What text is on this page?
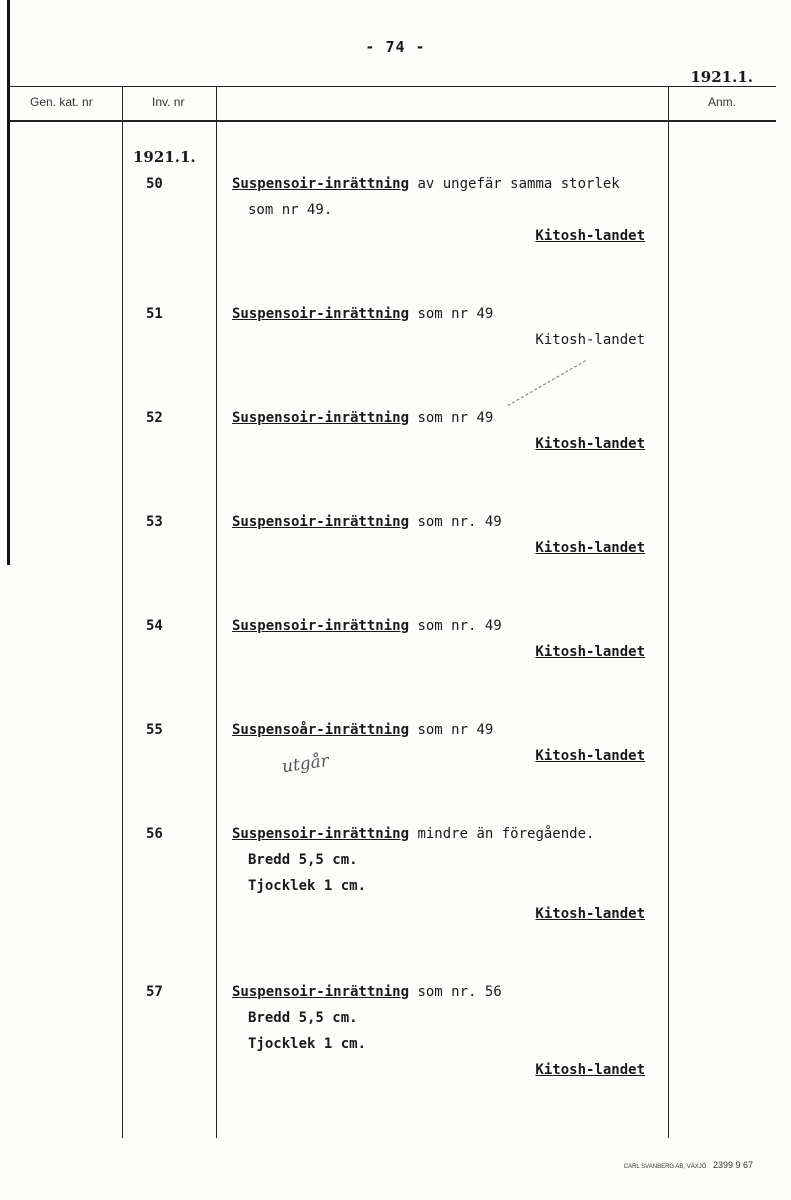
- 74 -
1921.1.
Gen. kat. nr	Inv. nr	Anm.
1921.1.
50	Suspensoir-inrättning av ungefär samma storlek
som nr 49.
Kitosh-landet
51	Suspensoir-inrättning som nr 49
Kitosh-landet
52	Suspensoir-inrättning som nr 49
Kitosh-landet
53	Suspensoir-inrättning som nr. 49
Kitosh-landet
54	Suspensoir-inrättning som nr. 49
Kitosh-landet
55	Suspensoår-inrättning som nr 49
utgår	Kitosh-landet
56	Suspensoir-inrättning mindre än föregående.
Bredd 5,5 cm.
Tjocklek 1 cm.
Kitosh-landet
57	Suspensoir-inrättning som nr. 56
Bredd 5,5 cm.
Tjocklek 1 cm.
Kitosh-landet
CARL SVANBERG AB, VÄXJÖ 2399 9 67
